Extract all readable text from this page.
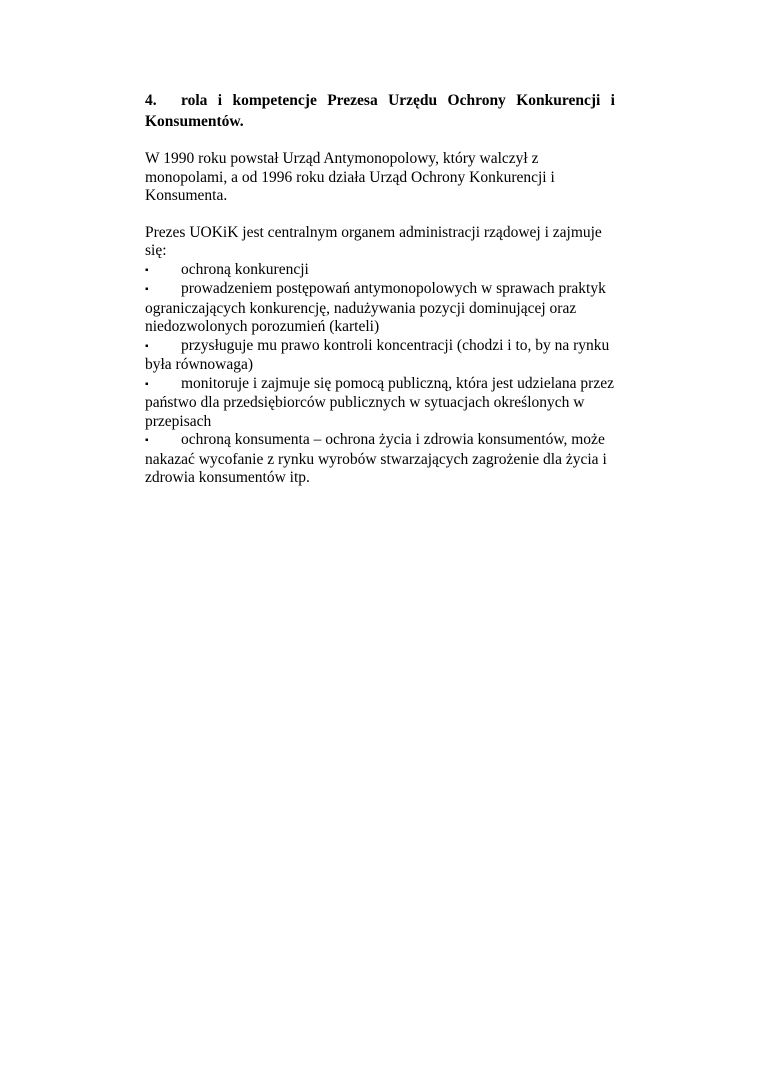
4. rola i kompetencje Prezesa Urzędu Ochrony Konkurencji i Konsumentów.

W 1990 roku powstał Urząd Antymonopolowy, który walczył z monopolami, a od 1996 roku działa Urząd Ochrony Konkurencji i Konsumenta.

Prezes UOKiK jest centralnym organem administracji rządowej i zajmuje się:

▪ ochroną konkurencji
▪ prowadzeniem postępowań antymonopolowych w sprawach praktyk ograniczających konkurencję, nadużywania pozycji dominującej oraz niedozwolonych porozumień (karteli)
▪ przysługuje mu prawo kontroli koncentracji (chodzi i to, by na rynku była równowaga)
▪ monitoruje i zajmuje się pomocą publiczną, która jest udzielana przez państwo dla przedsiębiorców publicznych w sytuacjach określonych w przepisach
▪ ochroną konsumenta – ochrona życia i zdrowia konsumentów, może nakazać wycofanie z rynku wyrobów stwarzających zagrożenie dla życia i zdrowia konsumentów itp.
